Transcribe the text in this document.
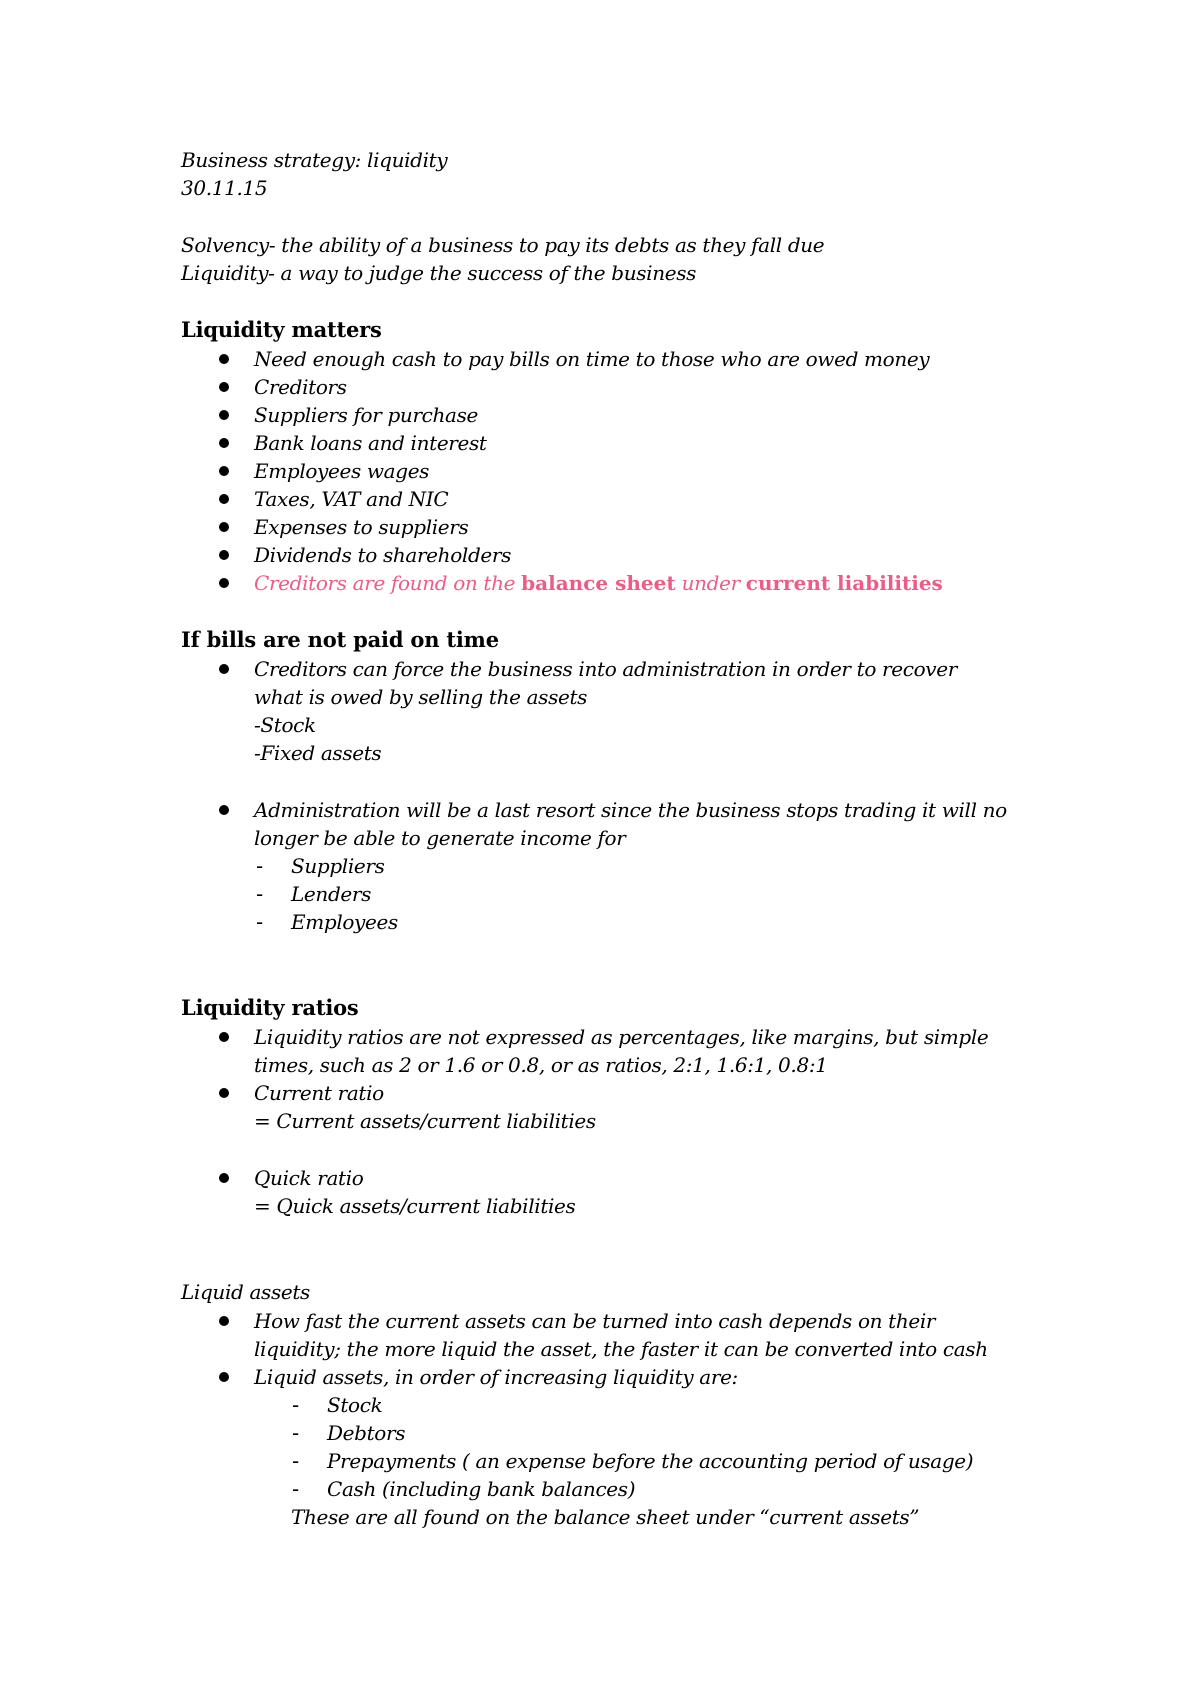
Business strategy: liquidity
30.11.15
Solvency- the ability of a business to pay its debts as they fall due
Liquidity- a way to judge the success of the business
Liquidity matters
Need enough cash to pay bills on time to those who are owed money
Creditors
Suppliers for purchase
Bank loans and interest
Employees wages
Taxes, VAT and NIC
Expenses to suppliers
Dividends to shareholders
Creditors are found on the balance sheet under current liabilities
If bills are not paid on time
Creditors can force the business into administration in order to recover
what is owed by selling the assets
-Stock
-Fixed assets
Administration will be a last resort since the business stops trading it will no
longer be able to generate income for
- Suppliers
- Lenders
- Employees
Liquidity ratios
Liquidity ratios are not expressed as percentages, like margins, but simple
times, such as 2 or 1.6 or 0.8, or as ratios, 2:1, 1.6:1, 0.8:1
Current ratio
= Current assets/current liabilities
Quick ratio
= Quick assets/current liabilities
Liquid assets
How fast the current assets can be turned into cash depends on their
liquidity; the more liquid the asset, the faster it can be converted into cash
Liquid assets, in order of increasing liquidity are:
- Stock
- Debtors
- Prepayments ( an expense before the accounting period of usage)
- Cash (including bank balances)
These are all found on the balance sheet under “current assets”
